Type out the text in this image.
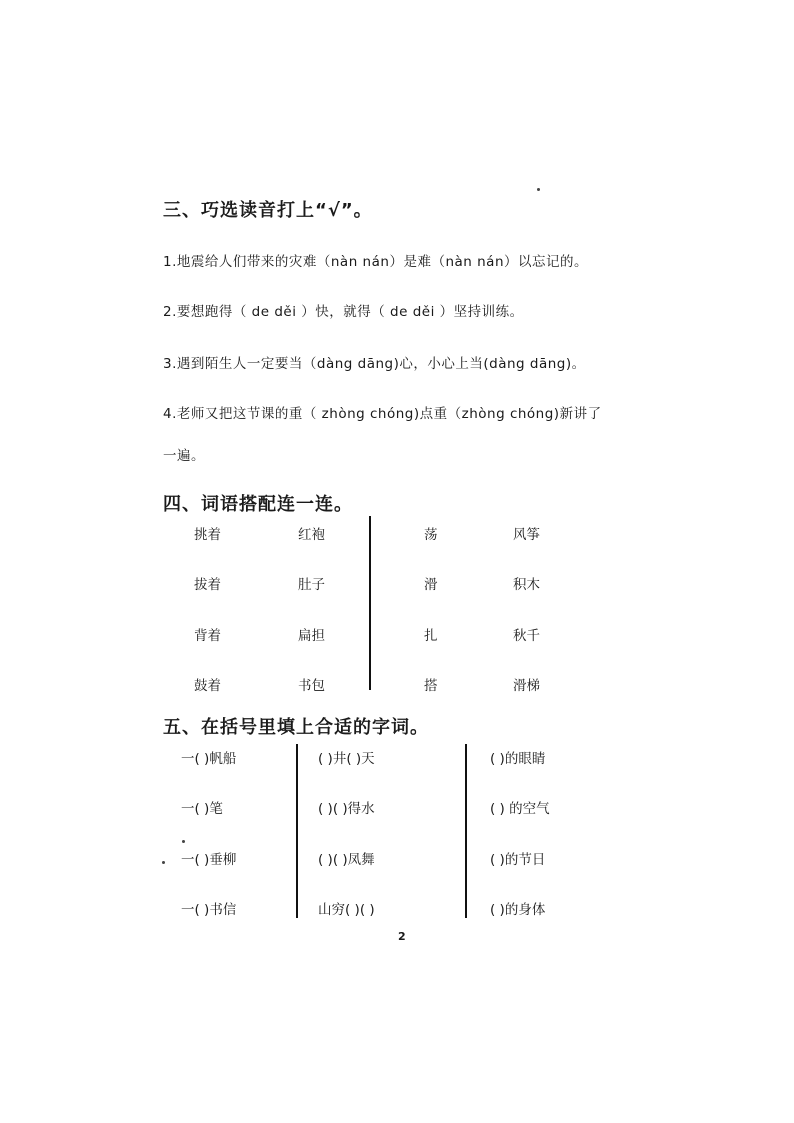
三、巧选读音打上“√”。
1.地震给人们带来的灾难（nàn nán）是难（nàn nán）以忘记的。
2.要想跑得（ de děi ）快，就得（ de děi ）坚持训练。
3.遇到陌生人一定要当（dàng dāng)心，小心上当(dàng dāng)。
4.老师又把这节课的重（ zhòng chóng)点重（zhòng chóng)新讲了
一遍。
四、词语搭配连一连。
挑着
拔着
背着
鼓着
红袍
肚子
扁担
书包
荡
滑
扎
搭
风筝
积木
秋千
滑梯
五、在括号里填上合适的字词。
一( )帆船
一( )笔
一( )垂柳
一( )书信
( )井( )天
( )( )得水
( )( )凤舞
山穷( )( )
( )的眼睛
( ) 的空气
( )的节日
( )的身体
2
